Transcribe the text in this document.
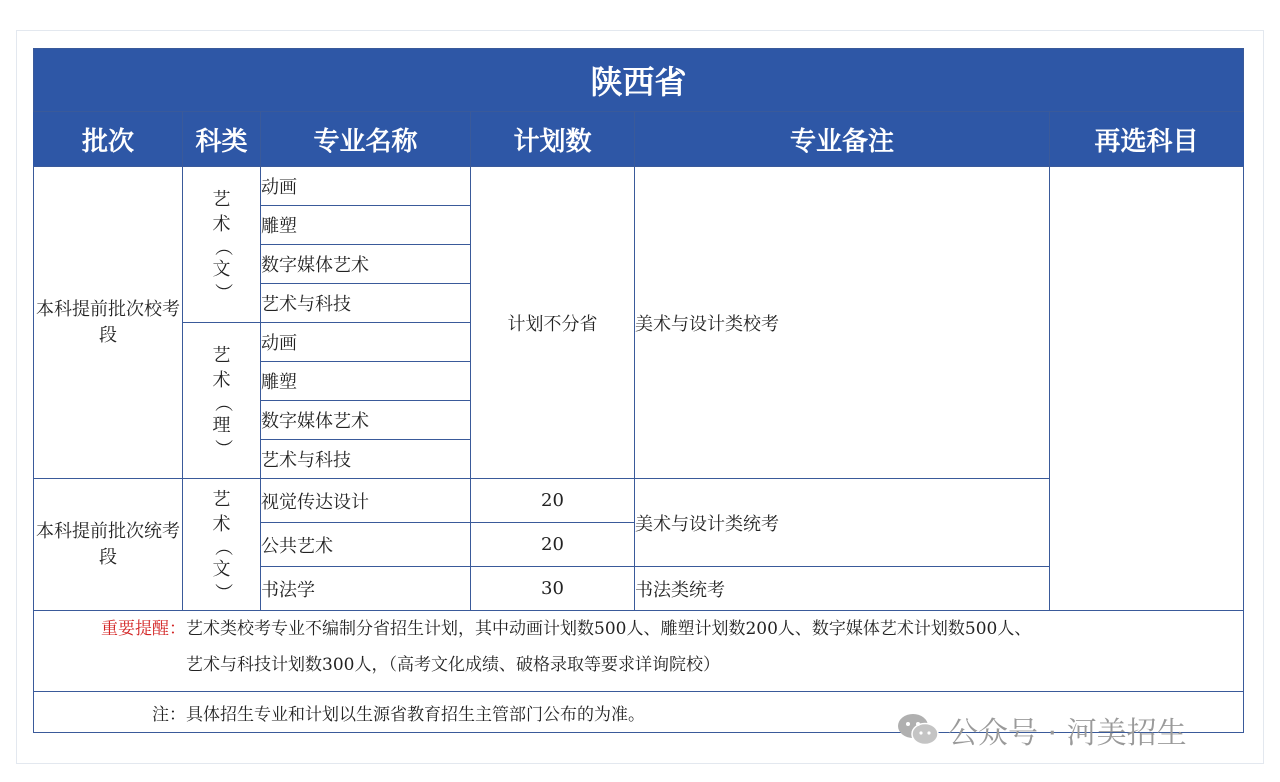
陕西省					
批次	科类	专业名称	计划数	专业备注	再选科目
本科提前批次校考段	艺
术
（
文
）	动画	计划不分省	美术与设计类校考	
		雕塑			
		数字媒体艺术			
		艺术与科技			

	艺
术
（
理
）	动画			
		雕塑			
		数字媒体艺术			
		艺术与科技			
本科提前批次统考段	艺
术
（
文
）	视觉传达设计	20	美术与设计类统考	
		公共艺术	20		
		书法学	30	书法类统考	

重要提醒：艺术类校考专业不编制分省招生计划，其中动画计划数500人、雕塑计划数200人、数字媒体艺术计划数500人、
艺术与科技计划数300人，（高考文化成绩、破格录取等要求详询院校）					

注：具体招生专业和计划以生源省教育招生主管部门公布的为准。					
公众号 · 河美招生
